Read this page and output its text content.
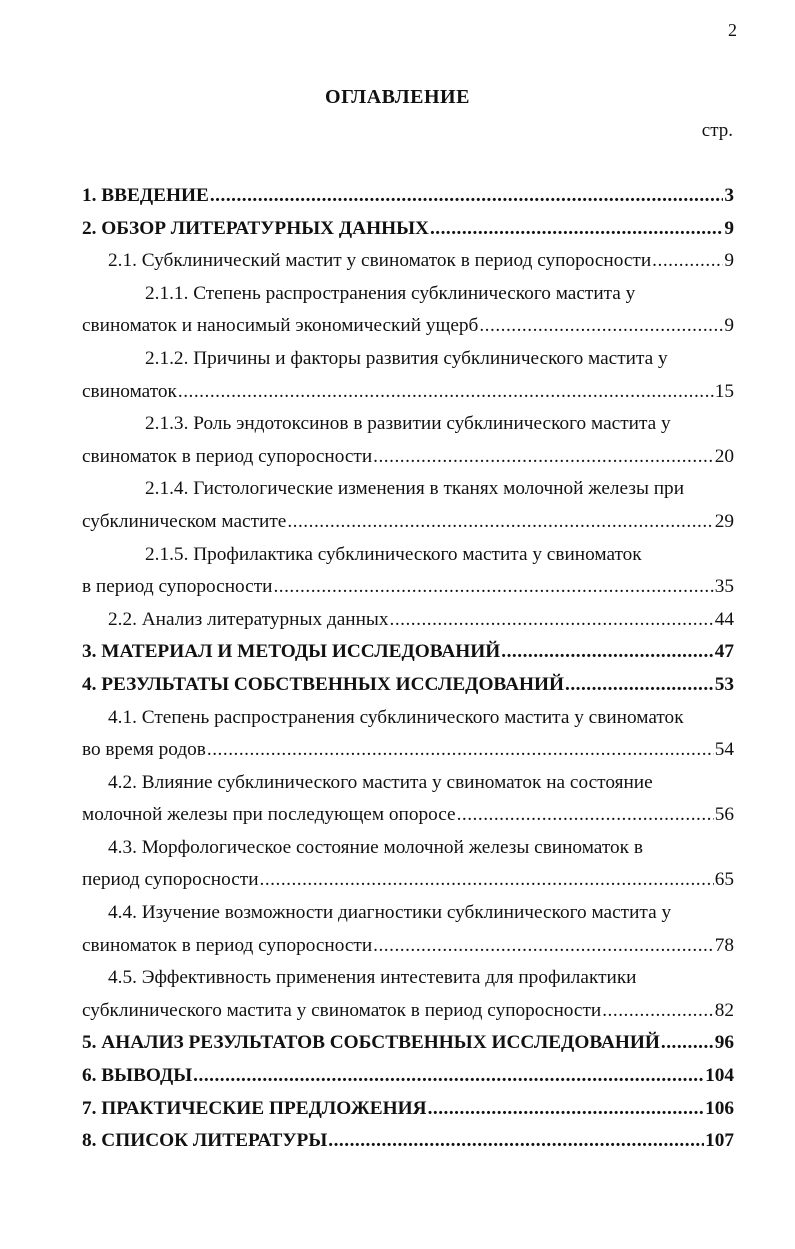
2
ОГЛАВЛЕНИЕ
стр.
1. ВВЕДЕНИЕ .....	3
2. ОБЗОР ЛИТЕРАТУРНЫХ ДАННЫХ .....	9
2.1. Субклинический мастит у свиноматок в период супоросности .....	9
2.1.1. Степень распространения субклинического мастита у
свиноматок и наносимый экономический ущерб .....	9
2.1.2. Причины и факторы развития субклинического мастита у
свиноматок .....	15
2.1.3. Роль эндотоксинов в развитии субклинического мастита у
свиноматок в период супоросности .....	20
2.1.4. Гистологические изменения в тканях молочной железы при
субклиническом мастите .....	29
2.1.5. Профилактика субклинического мастита у свиноматок
в период супоросности .....	35
2.2. Анализ литературных данных .....	44
3. МАТЕРИАЛ И МЕТОДЫ ИССЛЕДОВАНИЙ .....	47
4. РЕЗУЛЬТАТЫ СОБСТВЕННЫХ ИССЛЕДОВАНИЙ .....	53
4.1. Степень распространения субклинического мастита у свиноматок
во время родов .....	54
4.2. Влияние субклинического мастита у свиноматок на состояние
молочной железы при последующем опоросе .....	56
4.3. Морфологическое состояние молочной железы свиноматок в
период супоросности .....	65
4.4. Изучение возможности диагностики субклинического мастита у
свиноматок в период супоросности .....	78
4.5. Эффективность применения интестевита для профилактики
субклинического мастита у свиноматок в период супоросности .....	82
5. АНАЛИЗ РЕЗУЛЬТАТОВ СОБСТВЕННЫХ ИССЛЕДОВАНИЙ .....	96
6. ВЫВОДЫ .....	104
7. ПРАКТИЧЕСКИЕ ПРЕДЛОЖЕНИЯ .....	106
8. СПИСОК ЛИТЕРАТУРЫ .....	107
